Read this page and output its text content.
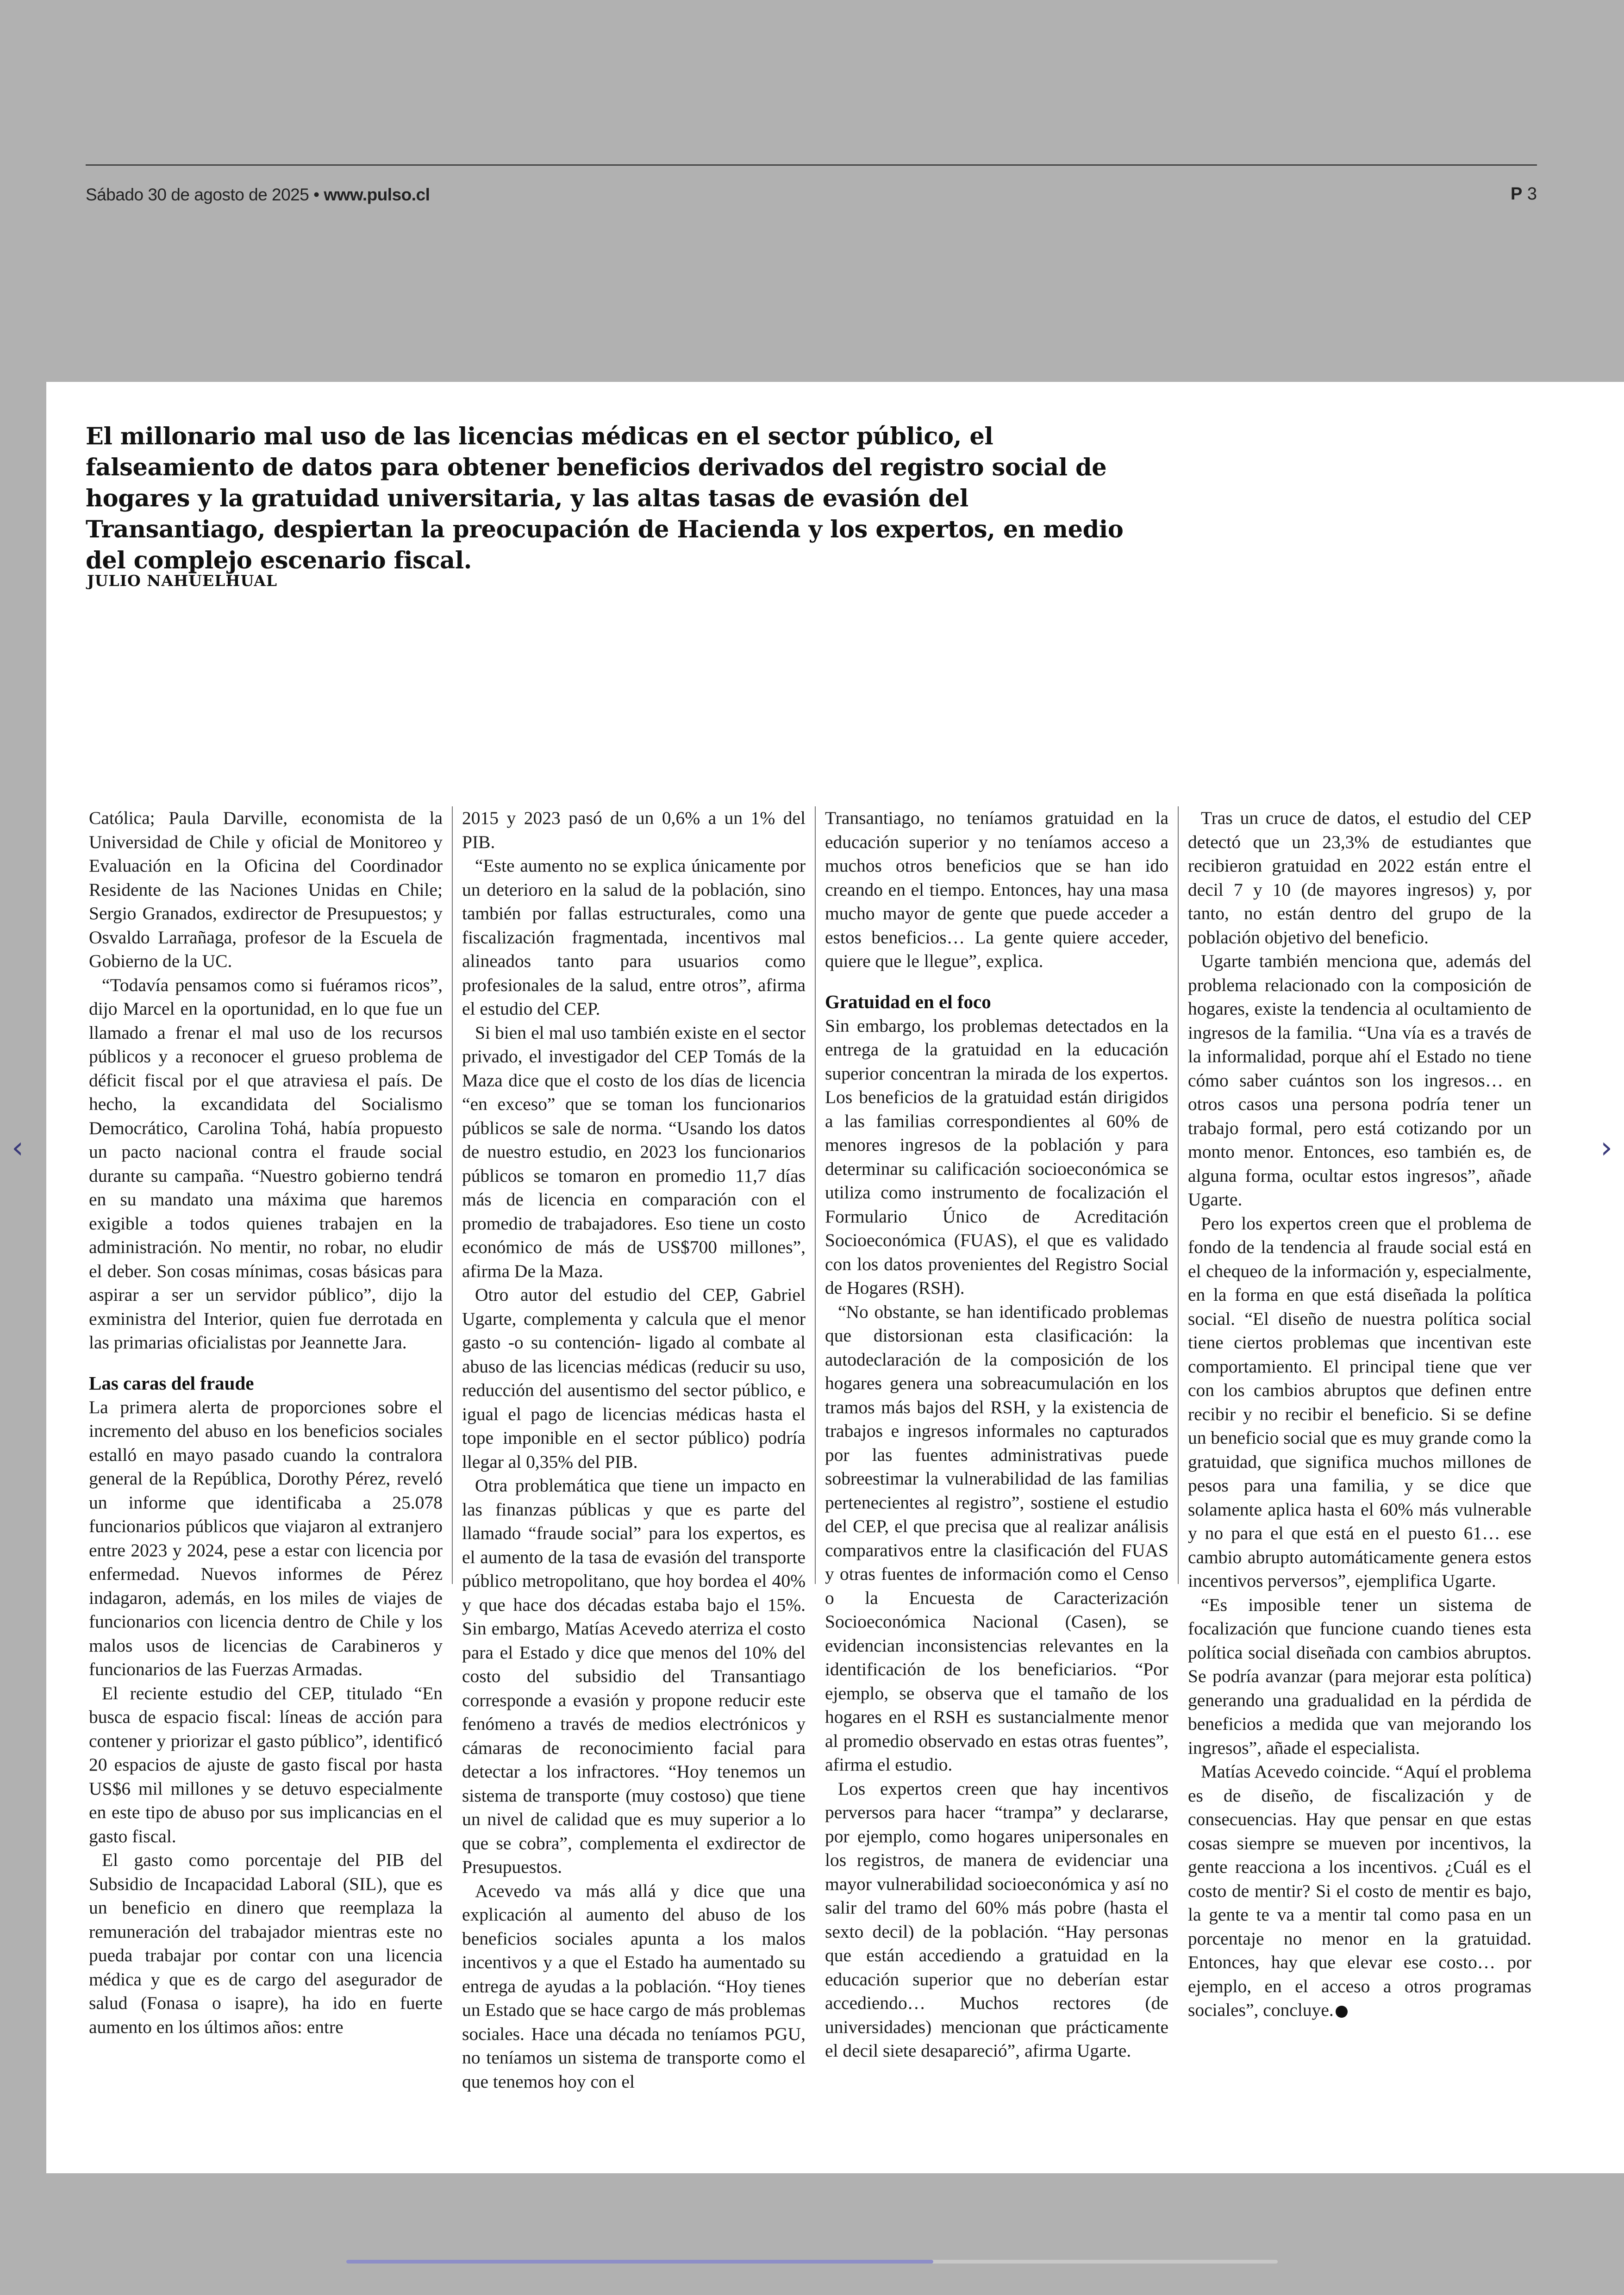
Sábado 30 de agosto de 2025 • www.pulso.cl	P 3
El millonario mal uso de las licencias médicas en el sector público, el falseamiento de datos para obtener beneficios derivados del registro social de hogares y la gratuidad universitaria, y las altas tasas de evasión del Transantiago, despiertan la preocupación de Hacienda y los expertos, en medio del complejo escenario fiscal.
JULIO NAHUELHUAL

Católica; Paula Darville, economista de la Universidad de Chile y oficial de Monitoreo y Evaluación en la Oficina del Coordinador Residente de las Naciones Unidas en Chile; Sergio Granados, exdirector de Presupuestos; y Osvaldo Larrañaga, profesor de la Escuela de Gobierno de la UC.

“Todavía pensamos como si fuéramos ricos”, dijo Marcel en la oportunidad, en lo que fue un llamado a frenar el mal uso de los recursos públicos y a reconocer el grueso problema de déficit fiscal por el que atraviesa el país. De hecho, la excandidata del Socialismo Democrático, Carolina Tohá, había propuesto un pacto nacional contra el fraude social durante su campaña. “Nuestro gobierno tendrá en su mandato una máxima que haremos exigible a todos quienes trabajen en la administración. No mentir, no robar, no eludir el deber. Son cosas mínimas, cosas básicas para aspirar a ser un servidor público”, dijo la exministra del Interior, quien fue derrotada en las primarias oficialistas por Jeannette Jara.

Las caras del fraude

La primera alerta de proporciones sobre el incremento del abuso en los beneficios sociales estalló en mayo pasado cuando la contralora general de la República, Dorothy Pérez, reveló un informe que identificaba a 25.078 funcionarios públicos que viajaron al extranjero entre 2023 y 2024, pese a estar con licencia por enfermedad. Nuevos informes de Pérez indagaron, además, en los miles de viajes de funcionarios con licencia dentro de Chile y los malos usos de licencias de Carabineros y funcionarios de las Fuerzas Armadas.

El reciente estudio del CEP, titulado “En busca de espacio fiscal: líneas de acción para contener y priorizar el gasto público”, identificó 20 espacios de ajuste de gasto fiscal por hasta US$6 mil millones y se detuvo especialmente en este tipo de abuso por sus implicancias en el gasto fiscal.

El gasto como porcentaje del PIB del Subsidio de Incapacidad Laboral (SIL), que es un beneficio en dinero que reemplaza la remuneración del trabajador mientras este no pueda trabajar por contar con una licencia médica y que es de cargo del asegurador de salud (Fonasa o isapre), ha ido en fuerte aumento en los últimos años: entre

2015 y 2023 pasó de un 0,6% a un 1% del PIB.

“Este aumento no se explica únicamente por un deterioro en la salud de la población, sino también por fallas estructurales, como una fiscalización fragmentada, incentivos mal alineados tanto para usuarios como profesionales de la salud, entre otros”, afirma el estudio del CEP.

Si bien el mal uso también existe en el sector privado, el investigador del CEP Tomás de la Maza dice que el costo de los días de licencia “en exceso” que se toman los funcionarios públicos se sale de norma. “Usando los datos de nuestro estudio, en 2023 los funcionarios públicos se tomaron en promedio 11,7 días más de licencia en comparación con el promedio de trabajadores. Eso tiene un costo económico de más de US$700 millones”, afirma De la Maza.

Otro autor del estudio del CEP, Gabriel Ugarte, complementa y calcula que el menor gasto -o su contención- ligado al combate al abuso de las licencias médicas (reducir su uso, reducción del ausentismo del sector público, e igual el pago de licencias médicas hasta el tope imponible en el sector público) podría llegar al 0,35% del PIB.

Otra problemática que tiene un impacto en las finanzas públicas y que es parte del llamado “fraude social” para los expertos, es el aumento de la tasa de evasión del transporte público metropolitano, que hoy bordea el 40% y que hace dos décadas estaba bajo el 15%. Sin embargo, Matías Acevedo aterriza el costo para el Estado y dice que menos del 10% del costo del subsidio del Transantiago corresponde a evasión y propone reducir este fenómeno a través de medios electrónicos y cámaras de reconocimiento facial para detectar a los infractores. “Hoy tenemos un sistema de transporte (muy costoso) que tiene un nivel de calidad que es muy superior a lo que se cobra”, complementa el exdirector de Presupuestos.

Acevedo va más allá y dice que una explicación al aumento del abuso de los beneficios sociales apunta a los malos incentivos y a que el Estado ha aumentado su entrega de ayudas a la población. “Hoy tienes un Estado que se hace cargo de más problemas sociales. Hace una década no teníamos PGU, no teníamos un sistema de transporte como el que tenemos hoy con el

Transantiago, no teníamos gratuidad en la educación superior y no teníamos acceso a muchos otros beneficios que se han ido creando en el tiempo. Entonces, hay una masa mucho mayor de gente que puede acceder a estos beneficios… La gente quiere acceder, quiere que le llegue”, explica.

Gratuidad en el foco

Sin embargo, los problemas detectados en la entrega de la gratuidad en la educación superior concentran la mirada de los expertos. Los beneficios de la gratuidad están dirigidos a las familias correspondientes al 60% de menores ingresos de la población y para determinar su calificación socioeconómica se utiliza como instrumento de focalización el Formulario Único de Acreditación Socioeconómica (FUAS), el que es validado con los datos provenientes del Registro Social de Hogares (RSH).

“No obstante, se han identificado problemas que distorsionan esta clasificación: la autodeclaración de la composición de los hogares genera una sobreacumulación en los tramos más bajos del RSH, y la existencia de trabajos e ingresos informales no capturados por las fuentes administrativas puede sobreestimar la vulnerabilidad de las familias pertenecientes al registro”, sostiene el estudio del CEP, el que precisa que al realizar análisis comparativos entre la clasificación del FUAS y otras fuentes de información como el Censo o la Encuesta de Caracterización Socioeconómica Nacional (Casen), se evidencian inconsistencias relevantes en la identificación de los beneficiarios. “Por ejemplo, se observa que el tamaño de los hogares en el RSH es sustancialmente menor al promedio observado en estas otras fuentes”, afirma el estudio.

Los expertos creen que hay incentivos perversos para hacer “trampa” y declararse, por ejemplo, como hogares unipersonales en los registros, de manera de evidenciar una mayor vulnerabilidad socioeconómica y así no salir del tramo del 60% más pobre (hasta el sexto decil) de la población. “Hay personas que están accediendo a gratuidad en la educación superior que no deberían estar accediendo… Muchos rectores (de universidades) mencionan que prácticamente el decil siete desapareció”, afirma Ugarte.

Tras un cruce de datos, el estudio del CEP detectó que un 23,3% de estudiantes que recibieron gratuidad en 2022 están entre el decil 7 y 10 (de mayores ingresos) y, por tanto, no están dentro del grupo de la población objetivo del beneficio.

Ugarte también menciona que, además del problema relacionado con la composición de hogares, existe la tendencia al ocultamiento de ingresos de la familia. “Una vía es a través de la informalidad, porque ahí el Estado no tiene cómo saber cuántos son los ingresos… en otros casos una persona podría tener un trabajo formal, pero está cotizando por un monto menor. Entonces, eso también es, de alguna forma, ocultar estos ingresos”, añade Ugarte.

Pero los expertos creen que el problema de fondo de la tendencia al fraude social está en el chequeo de la información y, especialmente, en la forma en que está diseñada la política social. “El diseño de nuestra política social tiene ciertos problemas que incentivan este comportamiento. El principal tiene que ver con los cambios abruptos que definen entre recibir y no recibir el beneficio. Si se define un beneficio social que es muy grande como la gratuidad, que significa muchos millones de pesos para una familia, y se dice que solamente aplica hasta el 60% más vulnerable y no para el que está en el puesto 61… ese cambio abrupto automáticamente genera estos incentivos perversos”, ejemplifica Ugarte.

“Es imposible tener un sistema de focalización que funcione cuando tienes esta política social diseñada con cambios abruptos. Se podría avanzar (para mejorar esta política) generando una gradualidad en la pérdida de beneficios a medida que van mejorando los ingresos”, añade el especialista.

Matías Acevedo coincide. “Aquí el problema es de diseño, de fiscalización y de consecuencias. Hay que pensar en que estas cosas siempre se mueven por incentivos, la gente reacciona a los incentivos. ¿Cuál es el costo de mentir? Si el costo de mentir es bajo, la gente te va a mentir tal como pasa en un porcentaje no menor en la gratuidad. Entonces, hay que elevar ese costo… por ejemplo, en el acceso a otros programas sociales”, concluye.

‹	›
